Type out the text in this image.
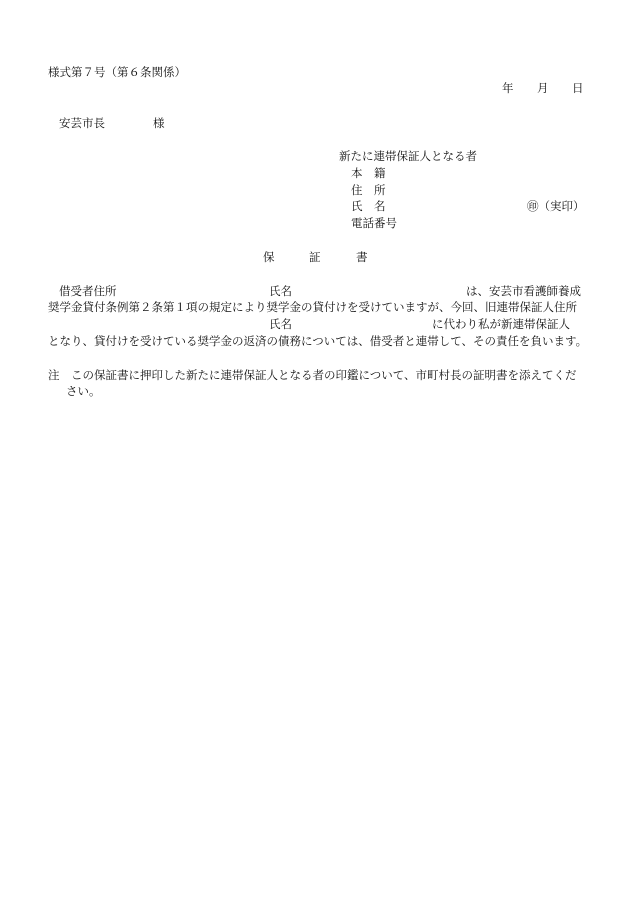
様式第７号（第６条関係）
年 月 日
安芸市長	様
新たに連帯保証人となる者
本　籍
住　所
氏　名	㊞（実印）
電話番号
保	証	書
借受者住所	氏名	は、安芸市看護師養成
奨学金貸付条例第２条第１項の規定により奨学金の貸付けを受けていますが、今回、旧連帯保証人住所
氏名	に代わり私が新連帯保証人
となり、貸付けを受けている奨学金の返済の債務については、借受者と連帯して、その責任を負います。
注　この保証書に押印した新たに連帯保証人となる者の印鑑について、市町村長の証明書を添えてくだ
さい。
